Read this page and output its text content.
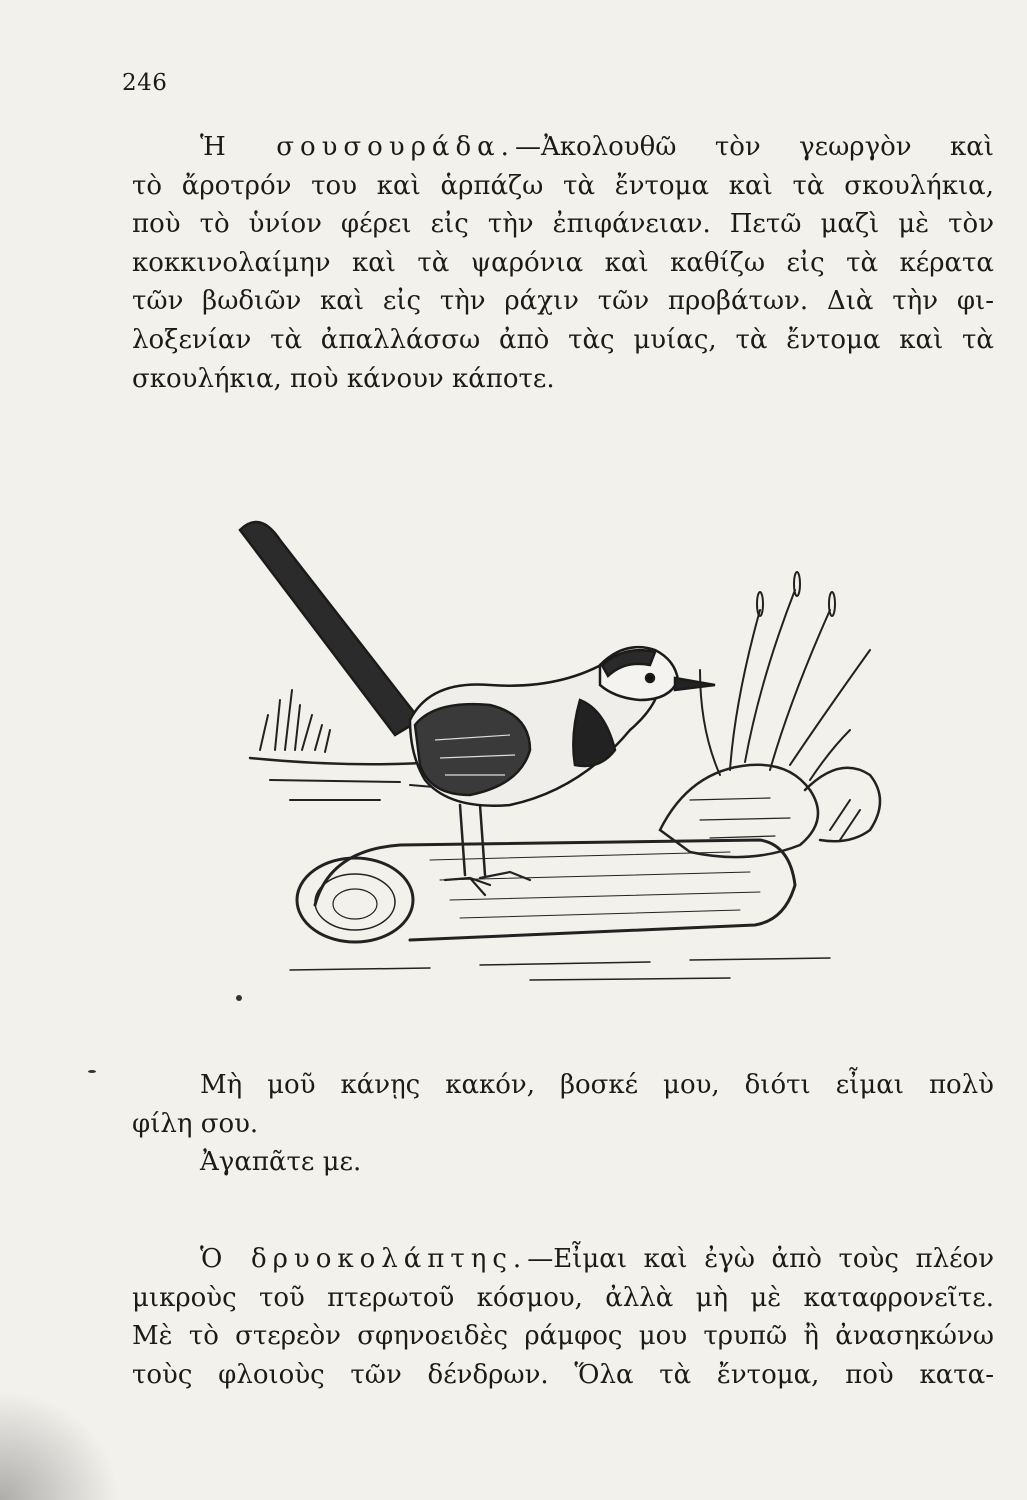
246
Ἡ σουσουράδα.—Ἀκολουθῶ τὸν γεωργὸν καὶ
τὸ ἄροτρόν του καὶ ἁρπάζω τὰ ἔντομα καὶ τὰ σκουλήκια,
ποὺ τὸ ὑνίον φέρει εἰς τὴν ἐπιφάνειαν. Πετῶ μαζὶ μὲ τὸν
κοκκινολαίμην καὶ τὰ ψαρόνια καὶ καθίζω εἰς τὰ κέρατα
τῶν βωδιῶν καὶ εἰς τὴν ράχιν τῶν προβάτων. Διὰ τὴν φι-
λοξενίαν τὰ ἀπαλλάσσω ἀπὸ τὰς μυίας, τὰ ἔντομα καὶ τὰ
σκουλήκια, ποὺ κάνουν κάποτε.
Μὴ μοῦ κάνῃς κακόν, βοσκέ μου, διότι εἶμαι πολὺ
φίλη σου.
Ἀγαπᾶτε με.
Ὁ δρυοκολάπτης.—Εἶμαι καὶ ἐγὼ ἀπὸ τοὺς πλέον
μικροὺς τοῦ πτερωτοῦ κόσμου, ἀλλὰ μὴ μὲ καταφρονεῖτε.
Μὲ τὸ στερεὸν σφηνοειδὲς ράμφος μου τρυπῶ ἢ ἀνασηκώνω
τοὺς φλοιοὺς τῶν δένδρων. Ὅλα τὰ ἔντομα, ποὺ κατα-
